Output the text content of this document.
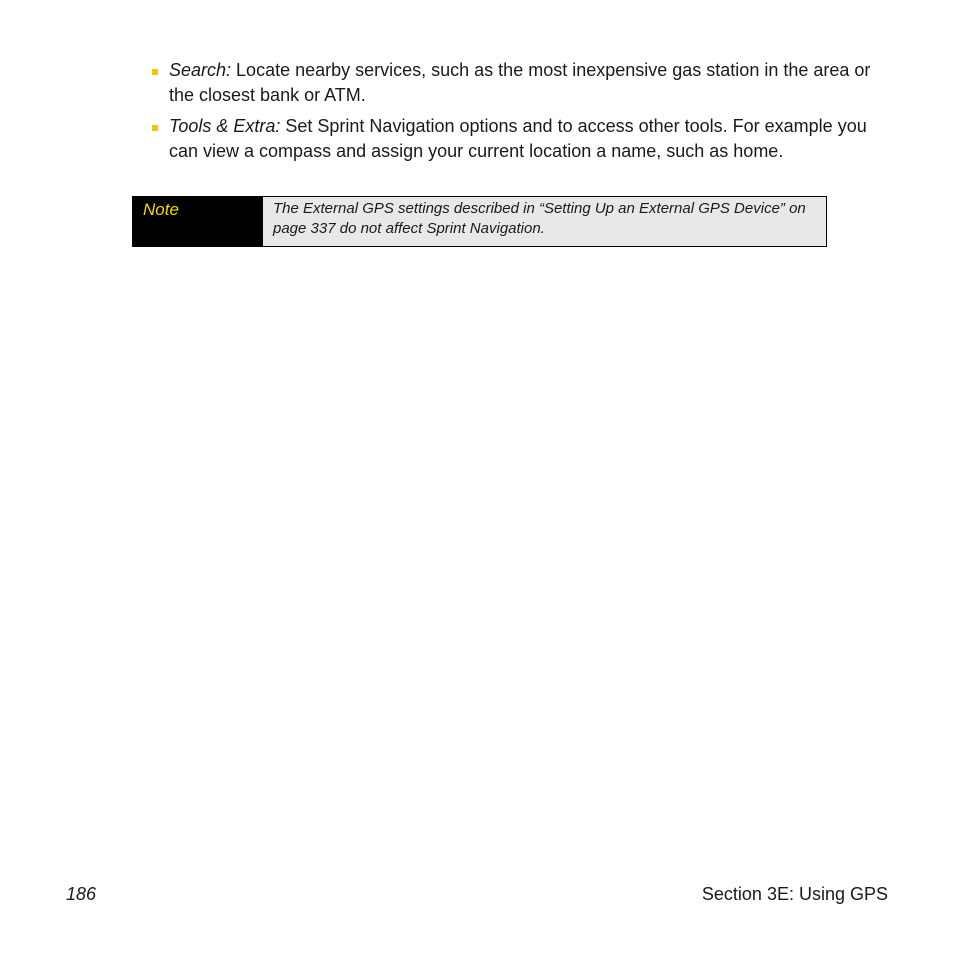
Search: Locate nearby services, such as the most inexpensive gas station in the area or the closest bank or ATM.
Tools & Extra: Set Sprint Navigation options and to access other tools. For example you can view a compass and assign your current location a name, such as home.
Note	The External GPS settings described in “Setting Up an External GPS Device” on page 337 do not affect Sprint Navigation.
186	Section 3E: Using GPS
